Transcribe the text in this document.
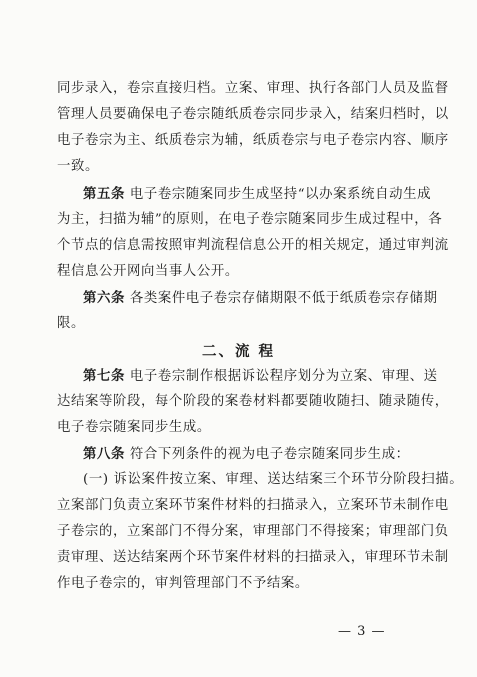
同步录入，卷宗直接归档。立案、审理、执行各部门人员及监督
管理人员要确保电子卷宗随纸质卷宗同步录入，结案归档时，以
电子卷宗为主、纸质卷宗为辅，纸质卷宗与电子卷宗内容、顺序
一致。
第五条 电子卷宗随案同步生成坚持“以办案系统自动生成
为主，扫描为辅”的原则，在电子卷宗随案同步生成过程中，各
个节点的信息需按照审判流程信息公开的相关规定，通过审判流
程信息公开网向当事人公开。
第六条 各类案件电子卷宗存储期限不低于纸质卷宗存储期
限。
二、流 程
第七条 电子卷宗制作根据诉讼程序划分为立案、审理、送
达结案等阶段，每个阶段的案卷材料都要随收随扫、随录随传，
电子卷宗随案同步生成。
第八条 符合下列条件的视为电子卷宗随案同步生成：
(一) 诉讼案件按立案、审理、送达结案三个环节分阶段扫描。
立案部门负责立案环节案件材料的扫描录入，立案环节未制作电
子卷宗的，立案部门不得分案，审理部门不得接案；审理部门负
责审理、送达结案两个环节案件材料的扫描录入，审理环节未制
作电子卷宗的，审判管理部门不予结案。
— 3 —
